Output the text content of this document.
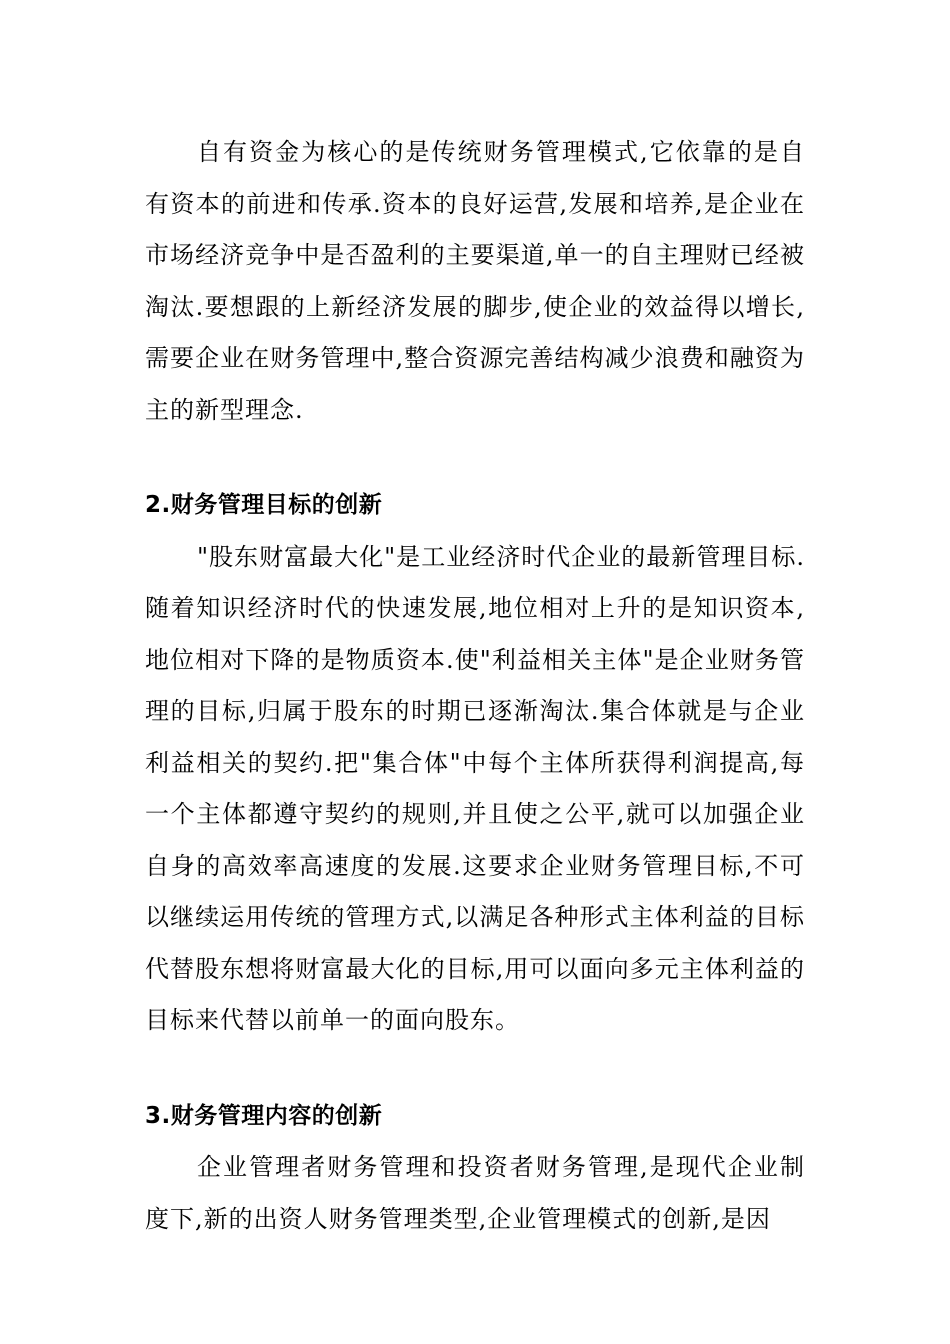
自有资金为核心的是传统财务管理模式,它依靠的是自有资本的前进和传承.资本的良好运营,发展和培养,是企业在市场经济竞争中是否盈利的主要渠道,单一的自主理财已经被淘汰.要想跟的上新经济发展的脚步,使企业的效益得以增长,需要企业在财务管理中,整合资源完善结构减少浪费和融资为主的新型理念.

2.财务管理目标的创新

"股东财富最大化"是工业经济时代企业的最新管理目标.随着知识经济时代的快速发展,地位相对上升的是知识资本,地位相对下降的是物质资本.使"利益相关主体"是企业财务管理的目标,归属于股东的时期已逐渐淘汰.集合体就是与企业利益相关的契约.把"集合体"中每个主体所获得利润提高,每一个主体都遵守契约的规则,并且使之公平,就可以加强企业自身的高效率高速度的发展.这要求企业财务管理目标,不可以继续运用传统的管理方式,以满足各种形式主体利益的目标代替股东想将财富最大化的目标,用可以面向多元主体利益的目标来代替以前单一的面向股东。

3.财务管理内容的创新

企业管理者财务管理和投资者财务管理,是现代企业制度下,新的出资人财务管理类型,企业管理模式的创新,是因
